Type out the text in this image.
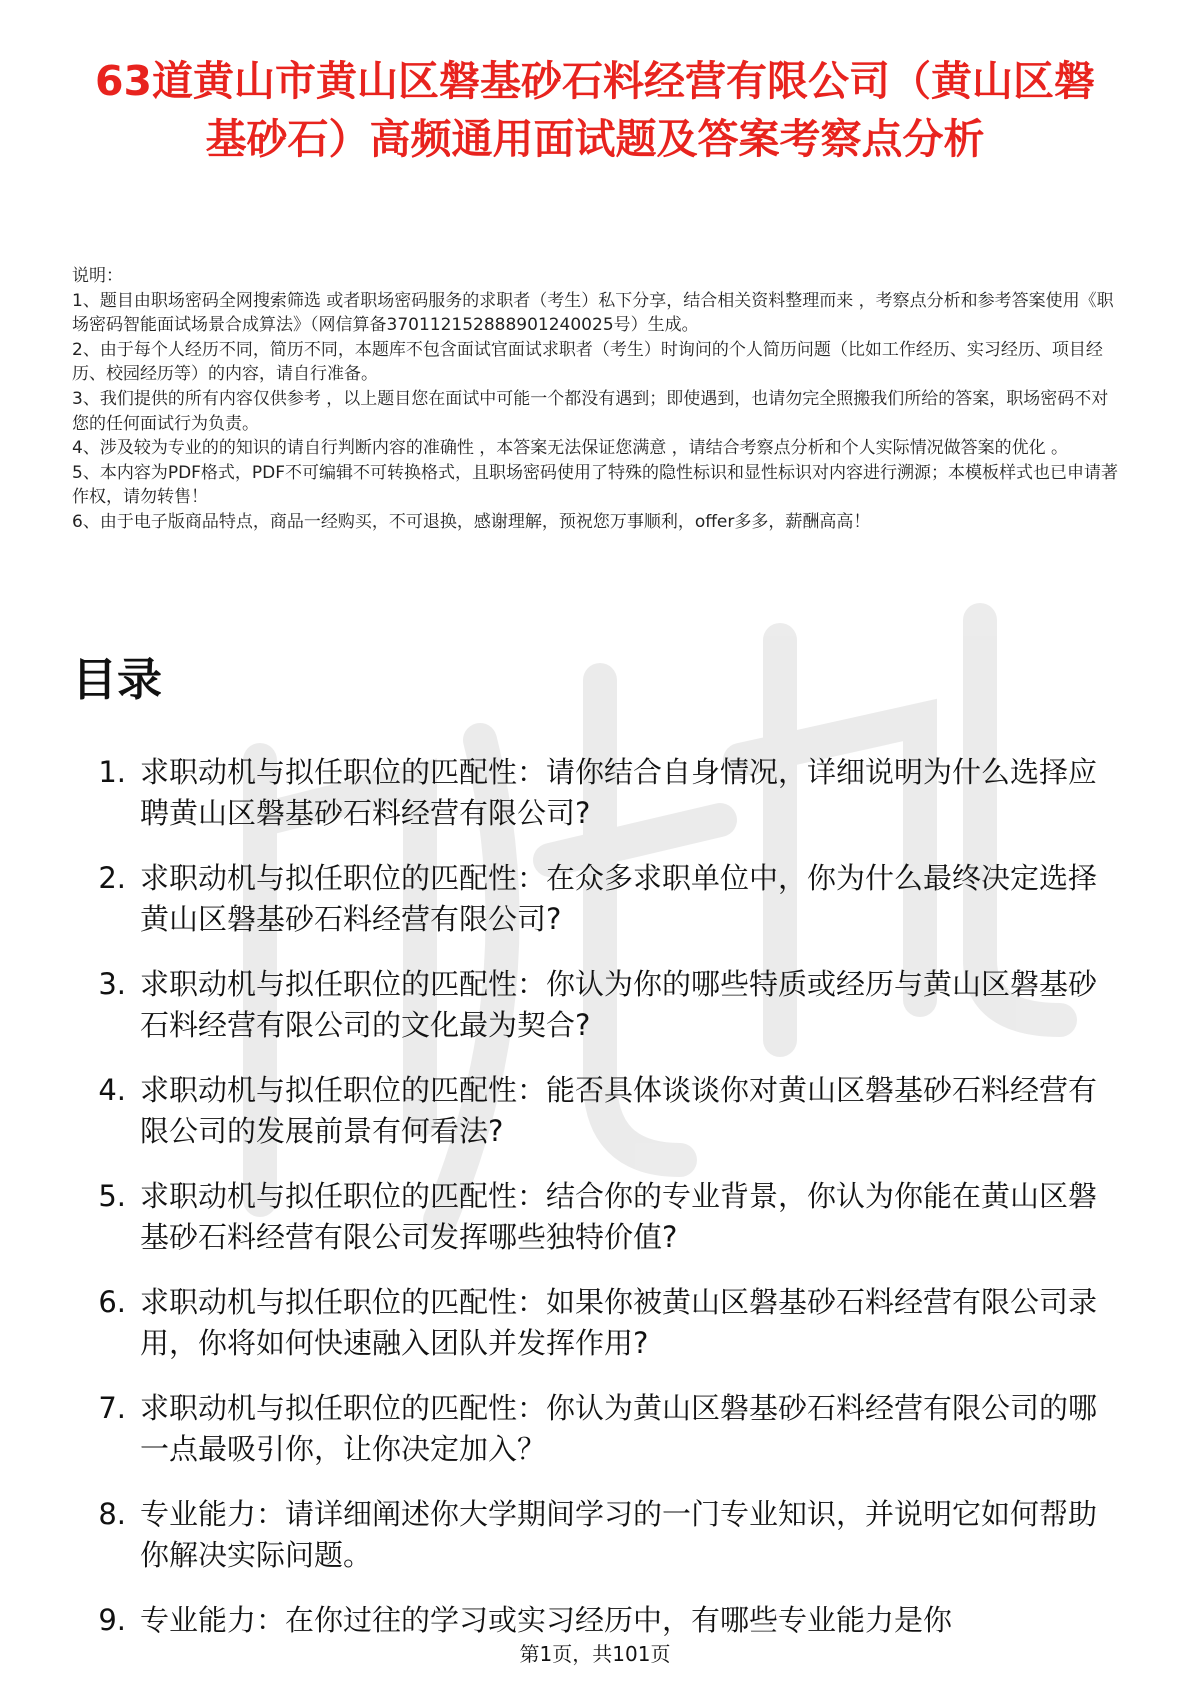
63道黄山市黄山区磐基砂石料经营有限公司（黄山区磐基砂石）高频通用面试题及答案考察点分析

说明：

1、题目由职场密码全网搜索筛选 或者职场密码服务的求职者（考生）私下分享，结合相关资料整理而来 ，考察点分析和参考答案使用《职场密码智能面试场景合成算法》（网信算备370112152888901240025号）生成。

2、由于每个人经历不同，简历不同，本题库不包含面试官面试求职者（考生）时询问的个人简历问题（比如工作经历、实习经历、项目经历、校园经历等）的内容，请自行准备。

3、我们提供的所有内容仅供参考 ，以上题目您在面试中可能一个都没有遇到；即使遇到，也请勿完全照搬我们所给的答案，职场密码不对您的任何面试行为负责。

4、涉及较为专业的的知识的请自行判断内容的准确性 ，本答案无法保证您满意 ，请结合考察点分析和个人实际情况做答案的优化 。

5、本内容为PDF格式，PDF不可编辑不可转换格式，且职场密码使用了特殊的隐性标识和显性标识对内容进行溯源；本模板样式也已申请著作权，请勿转售！

6、由于电子版商品特点，商品一经购买，不可退换，感谢理解，预祝您万事顺利，offer多多，薪酬高高！

目录
1. 求职动机与拟任职位的匹配性：请你结合自身情况，详细说明为什么选择应聘黄山区磐基砂石料经营有限公司?
2. 求职动机与拟任职位的匹配性：在众多求职单位中，你为什么最终决定选择黄山区磐基砂石料经营有限公司?
3. 求职动机与拟任职位的匹配性：你认为你的哪些特质或经历与黄山区磐基砂石料经营有限公司的文化最为契合?
4. 求职动机与拟任职位的匹配性：能否具体谈谈你对黄山区磐基砂石料经营有限公司的发展前景有何看法?
5. 求职动机与拟任职位的匹配性：结合你的专业背景，你认为你能在黄山区磐基砂石料经营有限公司发挥哪些独特价值?
6. 求职动机与拟任职位的匹配性：如果你被黄山区磐基砂石料经营有限公司录用，你将如何快速融入团队并发挥作用?
7. 求职动机与拟任职位的匹配性：你认为黄山区磐基砂石料经营有限公司的哪一点最吸引你，让你决定加入？
8. 专业能力：请详细阐述你大学期间学习的一门专业知识，并说明它如何帮助你解决实际问题。
9. 专业能力：在你过往的学习或实习经历中，有哪些专业能力是你
第1页，共101页
